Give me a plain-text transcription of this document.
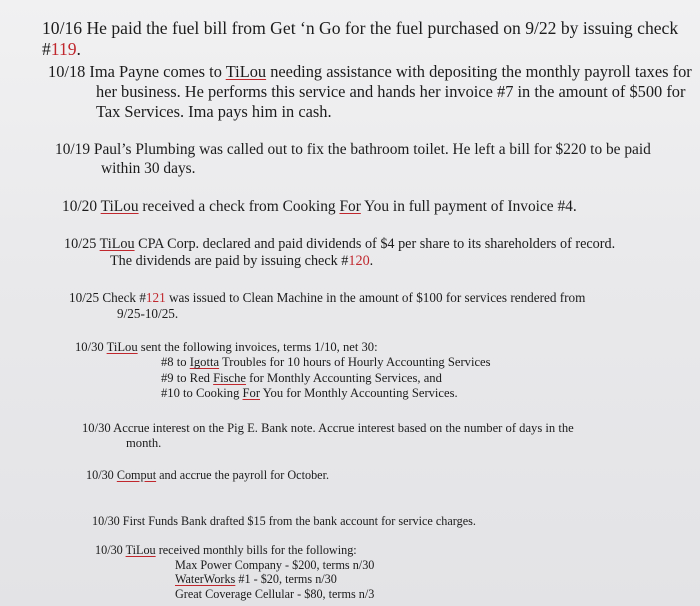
10/16 He paid the fuel bill from Get ‘n Go for the fuel purchased on 9/22 by issuing check #119.
10/18 Ima Payne comes to TiLou needing assistance with depositing the monthly payroll taxes for
her business. He performs this service and hands her invoice #7 in the amount of $500 for
Tax Services. Ima pays him in cash.
10/19 Paul’s Plumbing was called out to fix the bathroom toilet. He left a bill for $220 to be paid
within 30 days.
10/20 TiLou received a check from Cooking For You in full payment of Invoice #4.
10/25 TiLou CPA Corp. declared and paid dividends of $4 per share to its shareholders of record.
The dividends are paid by issuing check #120.
10/25 Check #121 was issued to Clean Machine in the amount of $100 for services rendered from
9/25-10/25.
10/30 TiLou sent the following invoices, terms 1/10, net 30:
#8 to Igotta Troubles for 10 hours of Hourly Accounting Services
#9 to Red Fische for Monthly Accounting Services, and
#10 to Cooking For You for Monthly Accounting Services.
10/30 Accrue interest on the Pig E. Bank note. Accrue interest based on the number of days in the
month.
10/30 Comput and accrue the payroll for October.
10/30 First Funds Bank drafted $15 from the bank account for service charges.
10/30 TiLou received monthly bills for the following:
Max Power Company - $200, terms n/30
WaterWorks #1 - $20, terms n/30
Great Coverage Cellular - $80, terms n/3
